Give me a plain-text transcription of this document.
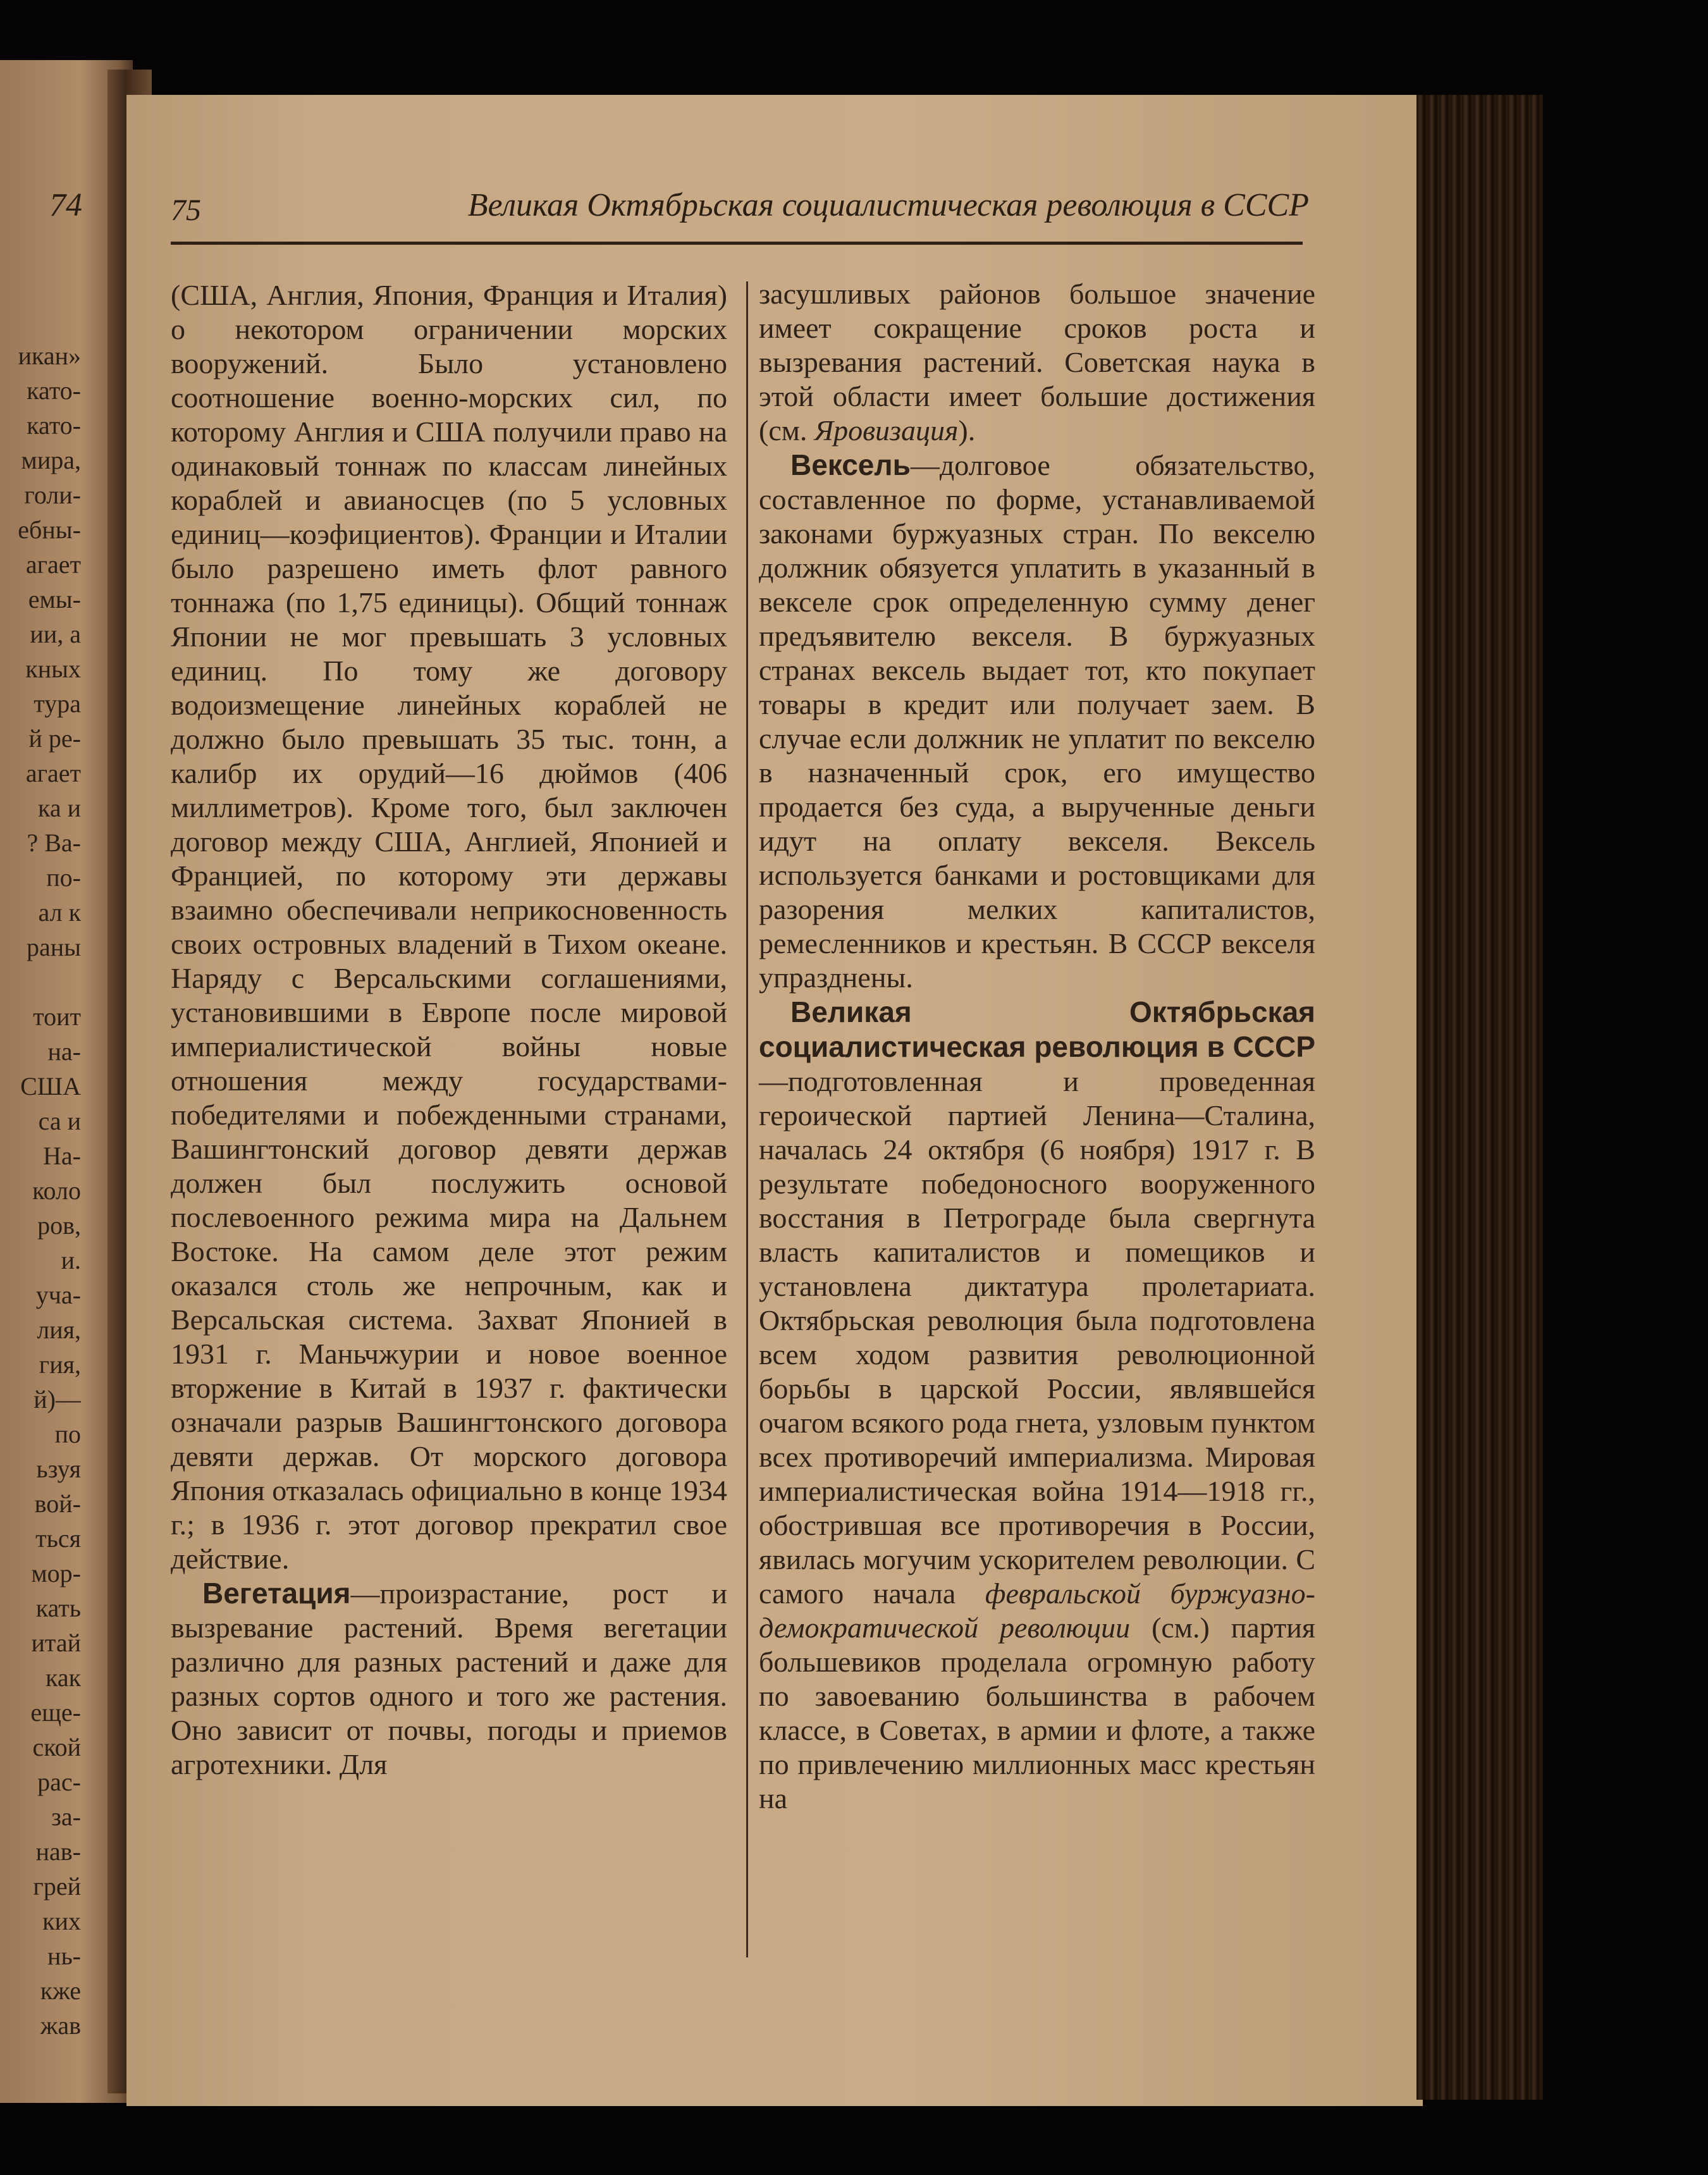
74
икан»
като-
като-
мира,
голи-
ебны-
агает
емы-
ии, а
кных
тура
й ре-
агает
ка и
? Ва-
по-
ал к
раны

тоит
на-
США
са и
На-
коло
ров,
и.
уча-
лия,
гия,
й)—
по
ьзуя
вой-
ться
мор-
кать
итай
как
еще-
ской
рас-
за-
нав-
грей
ких
нь-
кже
жав
75	Великая Октябрьская социалистическая революция в СССР

(США, Англия, Япония, Франция и Италия) о некотором ограничении морских вооружений. Было установлено соотношение военно-морских сил, по которому Англия и США получили право на одинаковый тоннаж по классам линейных кораблей и авианосцев (по 5 условных единиц—коэфициентов). Франции и Италии было разрешено иметь флот равного тоннажа (по 1,75 единицы). Общий тоннаж Японии не мог превышать 3 условных единиц. По тому же договору водоизмещение линейных кораблей не должно было превышать 35 тыс. тонн, а калибр их орудий—16 дюймов (406 миллиметров). Кроме того, был заключен договор между США, Англией, Японией и Францией, по которому эти державы взаимно обеспечивали неприкосновенность своих островных владений в Тихом океане. Наряду с Версальскими соглашениями, установившими в Европе после мировой империалистической войны новые отношения между государствами-победителями и побежденными странами, Вашингтонский договор девяти держав должен был послужить основой послевоенного режима мира на Дальнем Востоке. На самом деле этот режим оказался столь же непрочным, как и Версальская система. Захват Японией в 1931 г. Маньчжурии и новое военное вторжение в Китай в 1937 г. фактически означали разрыв Вашингтонского договора девяти держав. От морского договора Япония отказалась официально в конце 1934 г.; в 1936 г. этот договор прекратил свое действие.

Вегетация—произрастание, рост и вызревание растений. Время вегетации различно для разных растений и даже для разных сортов одного и того же растения. Оно зависит от почвы, погоды и приемов агротехники. Для

засушливых районов большое значение имеет сокращение сроков роста и вызревания растений. Советская наука в этой области имеет большие достижения (см. Яровизация).

Вексель—долговое обязательство, составленное по форме, устанавливаемой законами буржуазных стран. По векселю должник обязуется уплатить в указанный в векселе срок определенную сумму денег предъявителю векселя. В буржуазных странах вексель выдает тот, кто покупает товары в кредит или получает заем. В случае если должник не уплатит по векселю в назначенный срок, его имущество продается без суда, а вырученные деньги идут на оплату векселя. Вексель используется банками и ростовщиками для разорения мелких капиталистов, ремесленников и крестьян. В СССР векселя упразднены.

Великая Октябрьская социалистическая революция в СССР—подготовленная и проведенная героической партией Ленина—Сталина, началась 24 октября (6 ноября) 1917 г. В результате победоносного вооруженного восстания в Петрограде была свергнута власть капиталистов и помещиков и установлена диктатура пролетариата. Октябрьская революция была подготовлена всем ходом развития революционной борьбы в царской России, являвшейся очагом всякого рода гнета, узловым пунктом всех противоречий империализма. Мировая империалистическая война 1914—1918 гг., обострившая все противоречия в России, явилась могучим ускорителем революции. С самого начала февральской буржуазно-демократической революции (см.) партия большевиков проделала огромную работу по завоеванию большинства в рабочем классе, в Советах, в армии и флоте, а также по привлечению миллионных масс крестьян на
